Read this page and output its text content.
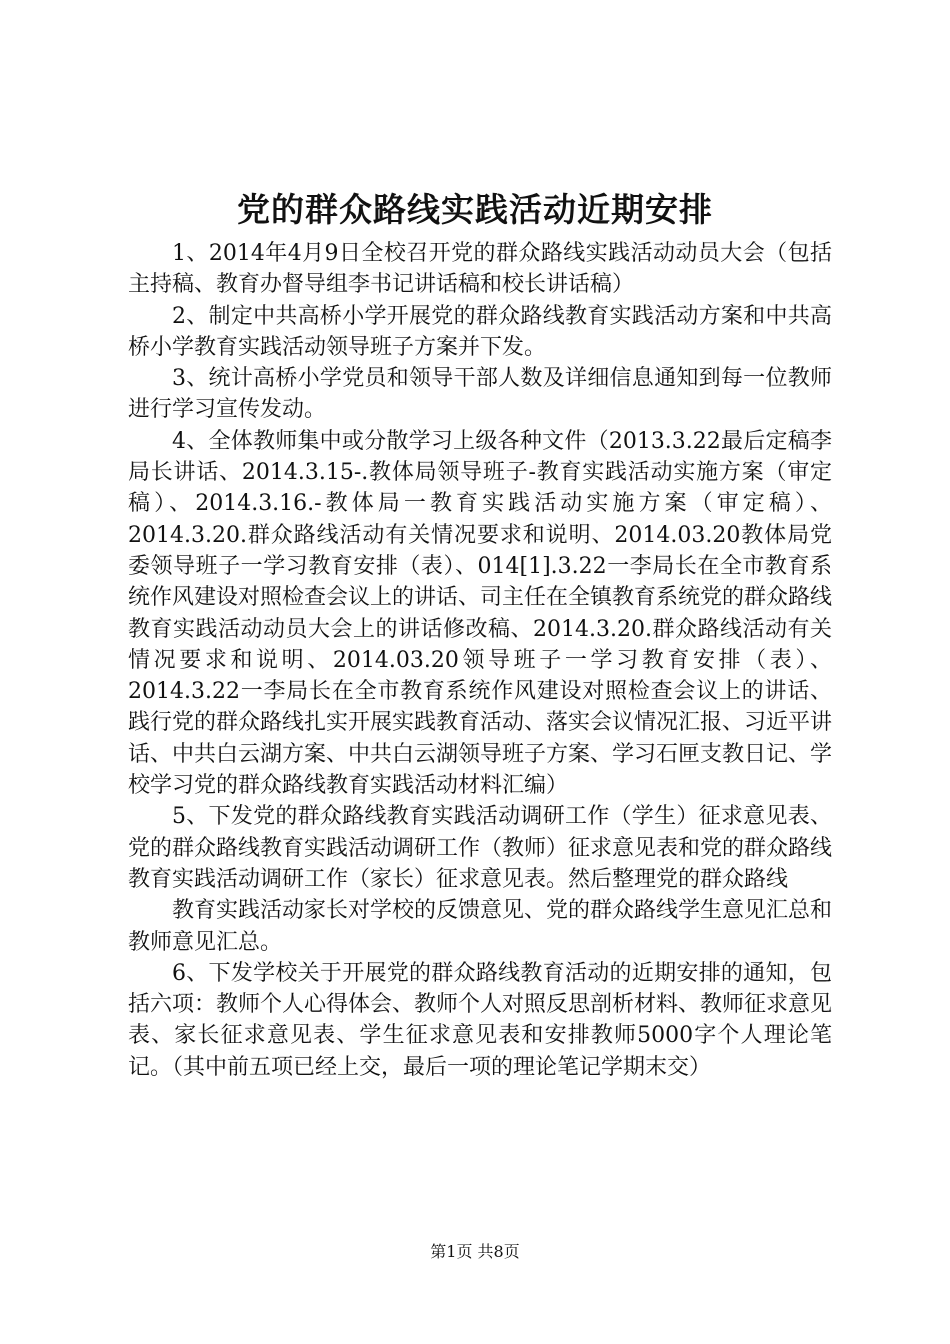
党的群众路线实践活动近期安排

1、2014年4月9日全校召开党的群众路线实践活动动员大会（包括主持稿、教育办督导组李书记讲话稿和校长讲话稿）

2、制定中共高桥小学开展党的群众路线教育实践活动方案和中共高桥小学教育实践活动领导班子方案并下发。

3、统计高桥小学党员和领导干部人数及详细信息通知到每一位教师进行学习宣传发动。

4、全体教师集中或分散学习上级各种文件（2013.3.22最后定稿李局长讲话、2014.3.15-.教体局领导班子-教育实践活动实施方案（审定稿）、2014.3.16.-教体局一教育实践活动实施方案（审定稿）、2014.3.20.群众路线活动有关情况要求和说明、2014.03.20教体局党委领导班子一学习教育安排（表）、014[1].3.22一李局长在全市教育系统作风建设对照检查会议上的讲话、司主任在全镇教育系统党的群众路线教育实践活动动员大会上的讲话修改稿、2014.3.20.群众路线活动有关情况要求和说明、2014.03.20领导班子一学习教育安排（表）、2014.3.22一李局长在全市教育系统作风建设对照检查会议上的讲话、践行党的群众路线扎实开展实践教育活动、落实会议情况汇报、习近平讲话、中共白云湖方案、中共白云湖领导班子方案、学习石匣支教日记、学校学习党的群众路线教育实践活动材料汇编）

5、下发党的群众路线教育实践活动调研工作（学生）征求意见表、党的群众路线教育实践活动调研工作（教师）征求意见表和党的群众路线教育实践活动调研工作（家长）征求意见表。然后整理党的群众路线

教育实践活动家长对学校的反馈意见、党的群众路线学生意见汇总和教师意见汇总。

6、下发学校关于开展党的群众路线教育活动的近期安排的通知，包括六项：教师个人心得体会、教师个人对照反思剖析材料、教师征求意见表、家长征求意见表、学生征求意见表和安排教师5000字个人理论笔记。（其中前五项已经上交，最后一项的理论笔记学期末交）

第1页 共8页
